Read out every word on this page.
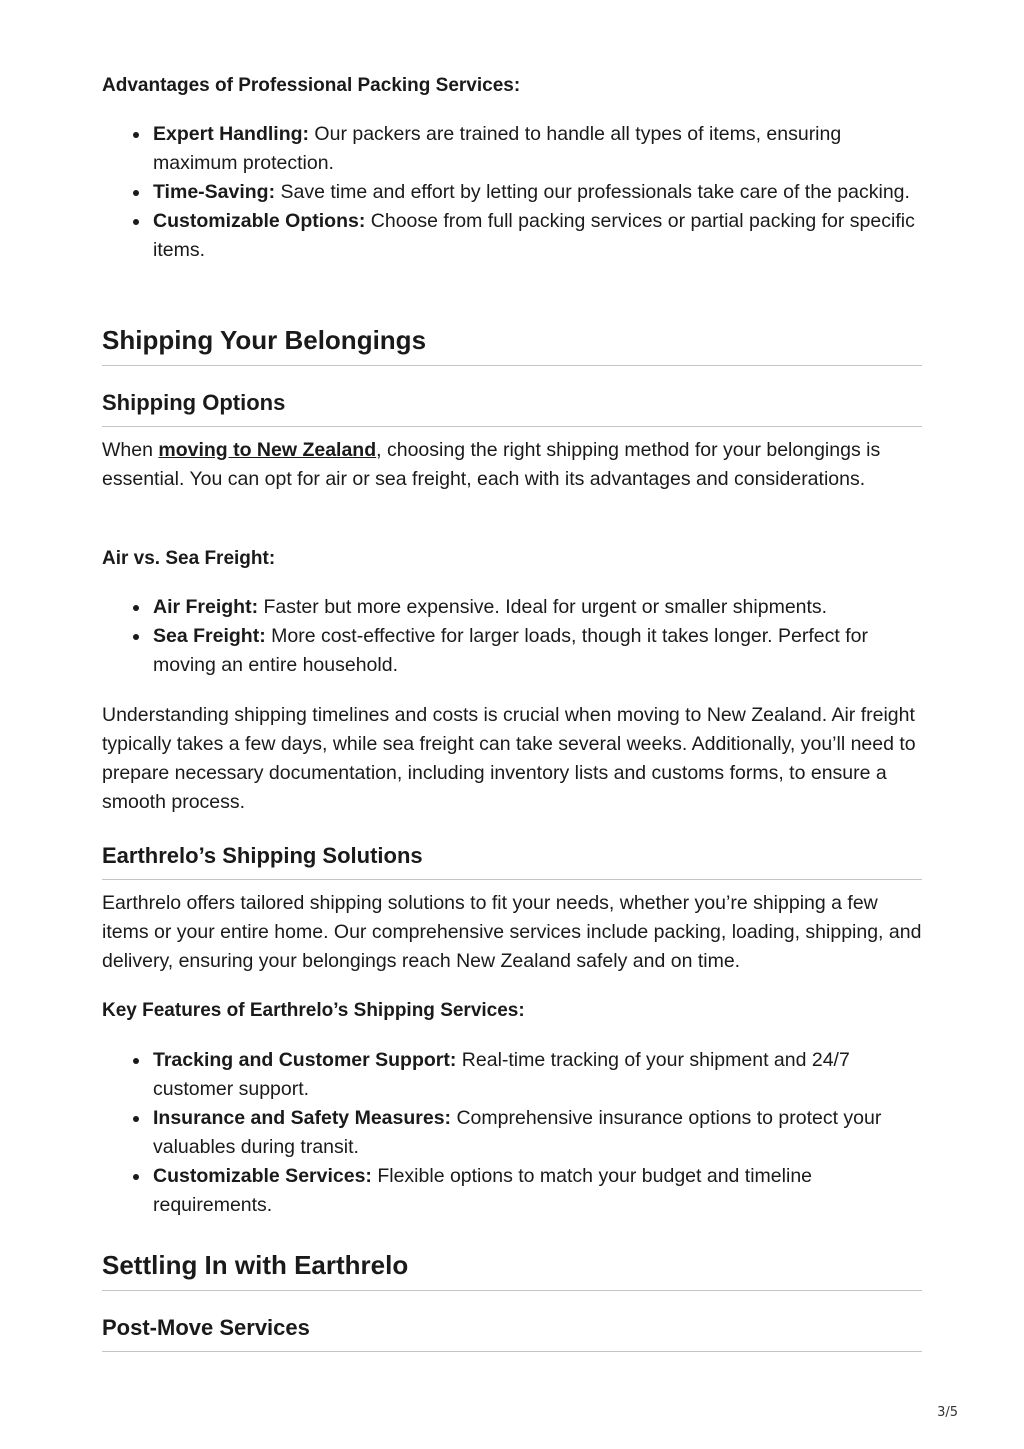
Advantages of Professional Packing Services:

Expert Handling: Our packers are trained to handle all types of items, ensuring maximum protection.
Time-Saving: Save time and effort by letting our professionals take care of the packing.
Customizable Options: Choose from full packing services or partial packing for specific items.
Shipping Your Belongings
Shipping Options

When moving to New Zealand, choosing the right shipping method for your belongings is essential. You can opt for air or sea freight, each with its advantages and considerations.

Air vs. Sea Freight:

Air Freight: Faster but more expensive. Ideal for urgent or smaller shipments.
Sea Freight: More cost-effective for larger loads, though it takes longer. Perfect for moving an entire household.

Understanding shipping timelines and costs is crucial when moving to New Zealand. Air freight typically takes a few days, while sea freight can take several weeks. Additionally, you’ll need to prepare necessary documentation, including inventory lists and customs forms, to ensure a smooth process.

Earthrelo’s Shipping Solutions

Earthrelo offers tailored shipping solutions to fit your needs, whether you’re shipping a few items or your entire home. Our comprehensive services include packing, loading, shipping, and delivery, ensuring your belongings reach New Zealand safely and on time.

Key Features of Earthrelo’s Shipping Services:

Tracking and Customer Support: Real-time tracking of your shipment and 24/7 customer support.
Insurance and Safety Measures: Comprehensive insurance options to protect your valuables during transit.
Customizable Services: Flexible options to match your budget and timeline requirements.
Settling In with Earthrelo
Post-Move Services
3/5
